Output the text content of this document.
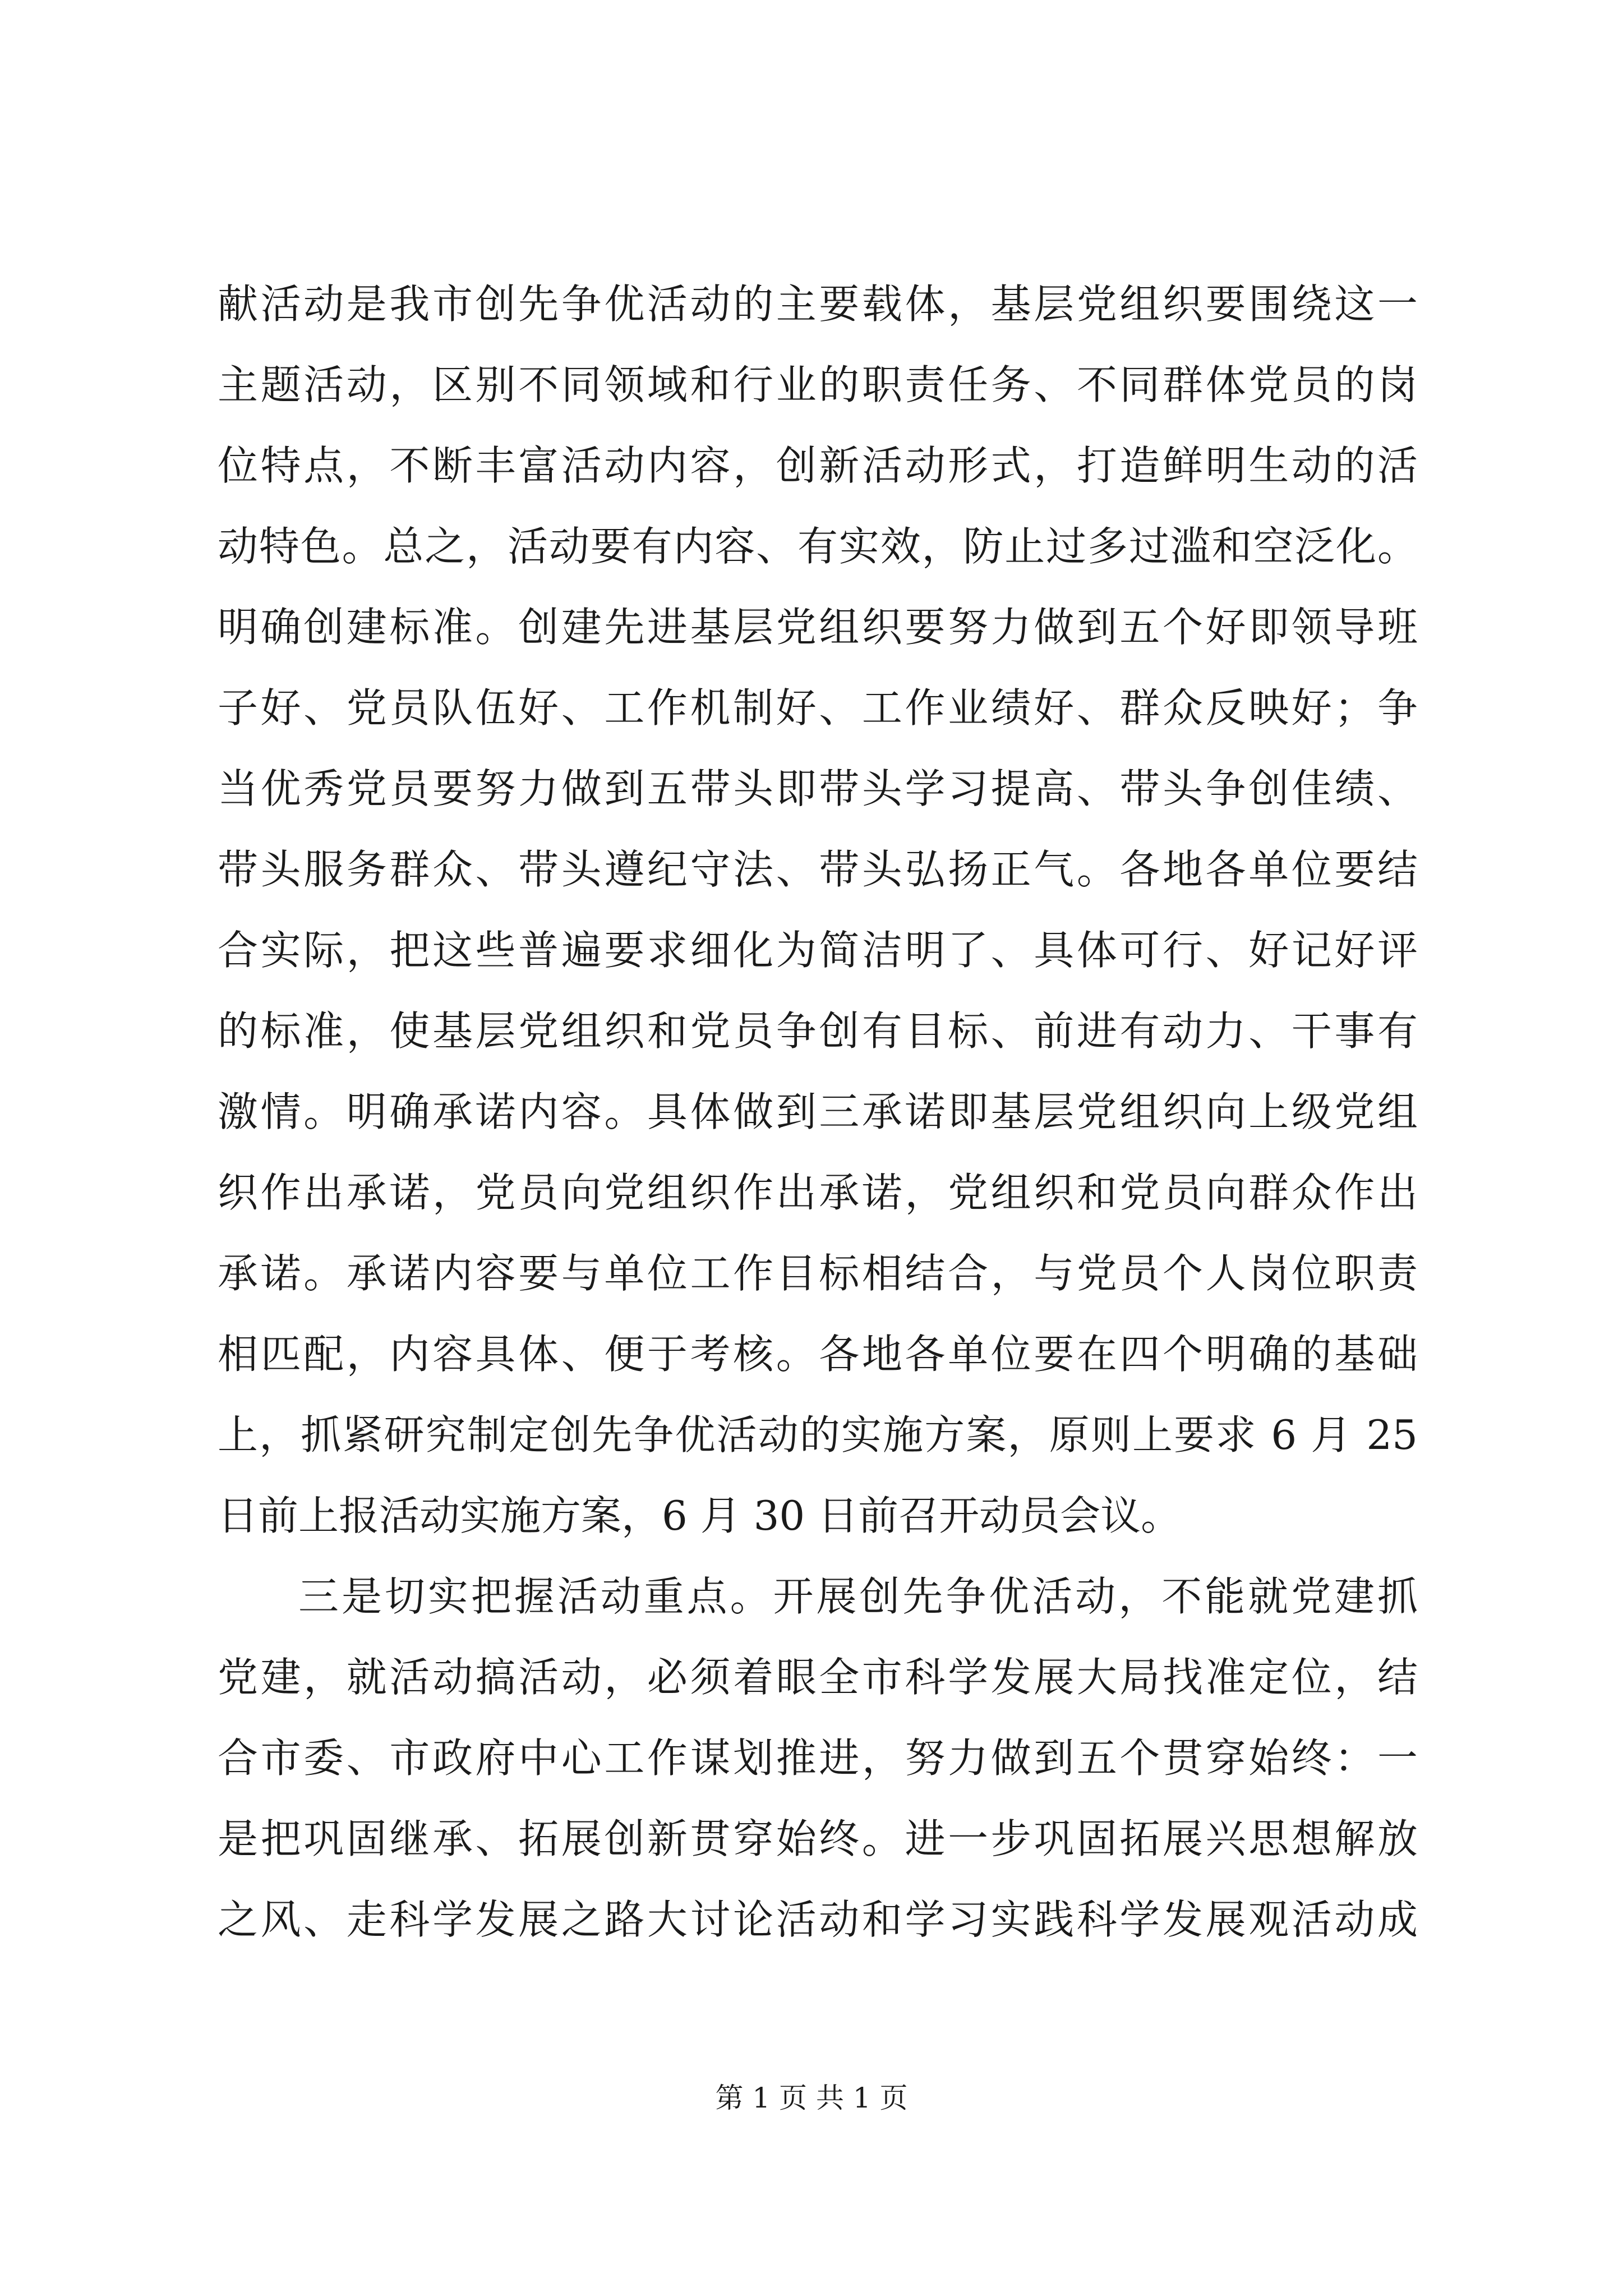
献活动是我市创先争优活动的主要载体，基层党组织要围绕这一
主题活动，区别不同领域和行业的职责任务、不同群体党员的岗
位特点，不断丰富活动内容，创新活动形式，打造鲜明生动的活
动特色。总之，活动要有内容、有实效，防止过多过滥和空泛化。
明确创建标准。创建先进基层党组织要努力做到五个好即领导班
子好、党员队伍好、工作机制好、工作业绩好、群众反映好；争
当优秀党员要努力做到五带头即带头学习提高、带头争创佳绩、
带头服务群众、带头遵纪守法、带头弘扬正气。各地各单位要结
合实际，把这些普遍要求细化为简洁明了、具体可行、好记好评
的标准，使基层党组织和党员争创有目标、前进有动力、干事有
激情。明确承诺内容。具体做到三承诺即基层党组织向上级党组
织作出承诺，党员向党组织作出承诺，党组织和党员向群众作出
承诺。承诺内容要与单位工作目标相结合，与党员个人岗位职责
相匹配，内容具体、便于考核。各地各单位要在四个明确的基础
上，抓紧研究制定创先争优活动的实施方案，原则上要求 6 月 25
日前上报活动实施方案，6 月 30 日前召开动员会议。
三是切实把握活动重点。开展创先争优活动，不能就党建抓
党建，就活动搞活动，必须着眼全市科学发展大局找准定位，结
合市委、市政府中心工作谋划推进，努力做到五个贯穿始终：一
是把巩固继承、拓展创新贯穿始终。进一步巩固拓展兴思想解放
之风、走科学发展之路大讨论活动和学习实践科学发展观活动成
第 1 页 共 1 页
